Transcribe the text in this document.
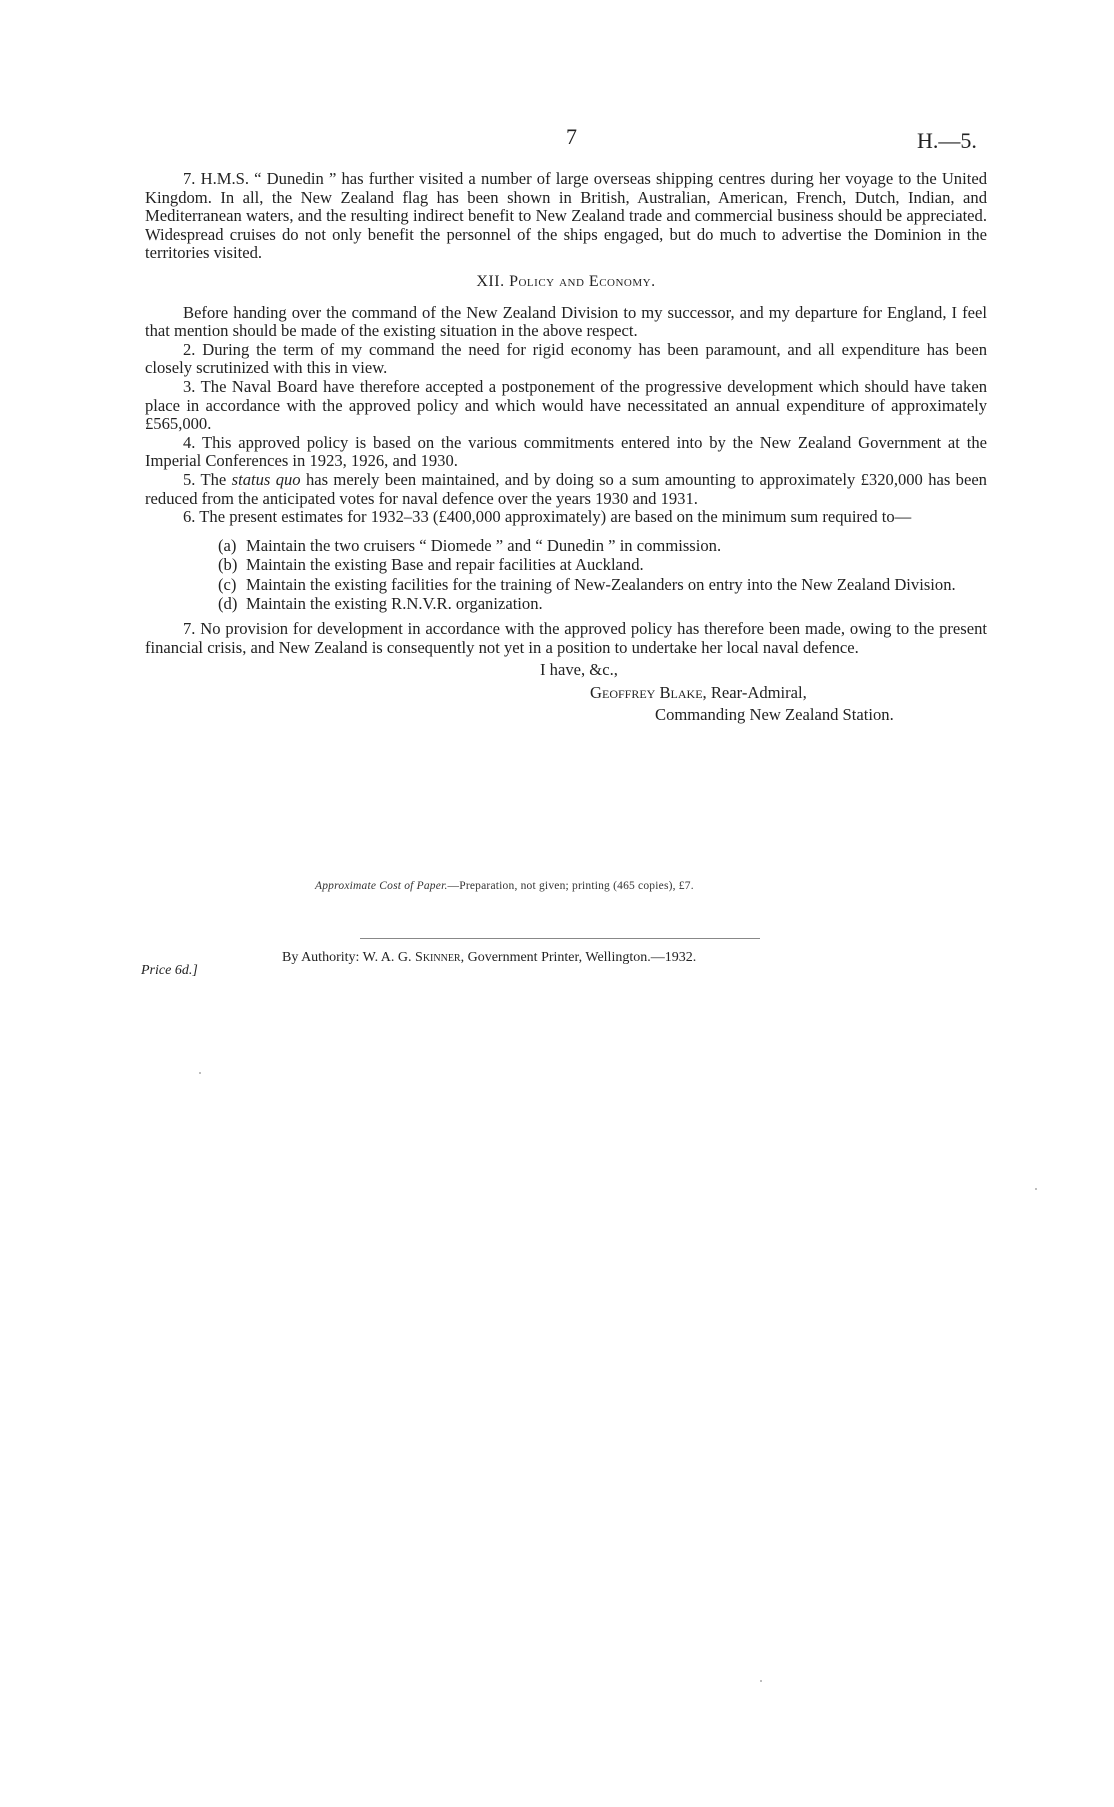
7	H.—5.

7. H.M.S. “ Dunedin ” has further visited a number of large overseas shipping centres during her voyage to the United Kingdom. In all, the New Zealand flag has been shown in British, Australian, American, French, Dutch, Indian, and Mediterranean waters, and the resulting indirect benefit to New Zealand trade and commercial business should be appreciated. Widespread cruises do not only benefit the personnel of the ships engaged, but do much to advertise the Dominion in the territories visited.

XII. Policy and Economy.

Before handing over the command of the New Zealand Division to my successor, and my departure for England, I feel that mention should be made of the existing situation in the above respect.

2. During the term of my command the need for rigid economy has been paramount, and all expenditure has been closely scrutinized with this in view.

3. The Naval Board have therefore accepted a postponement of the progressive development which should have taken place in accordance with the approved policy and which would have necessitated an annual expenditure of approximately £565,000.

4. This approved policy is based on the various commitments entered into by the New Zealand Government at the Imperial Conferences in 1923, 1926, and 1930.

5. The status quo has merely been maintained, and by doing so a sum amounting to approximately £320,000 has been reduced from the anticipated votes for naval defence over the years 1930 and 1931.

6. The present estimates for 1932–33 (£400,000 approximately) are based on the minimum sum required to—

(a) Maintain the two cruisers “ Diomede ” and “ Dunedin ” in commission.
(b) Maintain the existing Base and repair facilities at Auckland.
(c) Maintain the existing facilities for the training of New-Zealanders on entry into the New Zealand Division.
(d) Maintain the existing R.N.V.R. organization.

7. No provision for development in accordance with the approved policy has therefore been made, owing to the present financial crisis, and New Zealand is consequently not yet in a position to undertake her local naval defence.

I have, &c.,
Geoffrey Blake, Rear-Admiral,
Commanding New Zealand Station.
Approximate Cost of Paper.—Preparation, not given; printing (465 copies), £7.
By Authority: W. A. G. Skinner, Government Printer, Wellington.—1932.
Price 6d.]
